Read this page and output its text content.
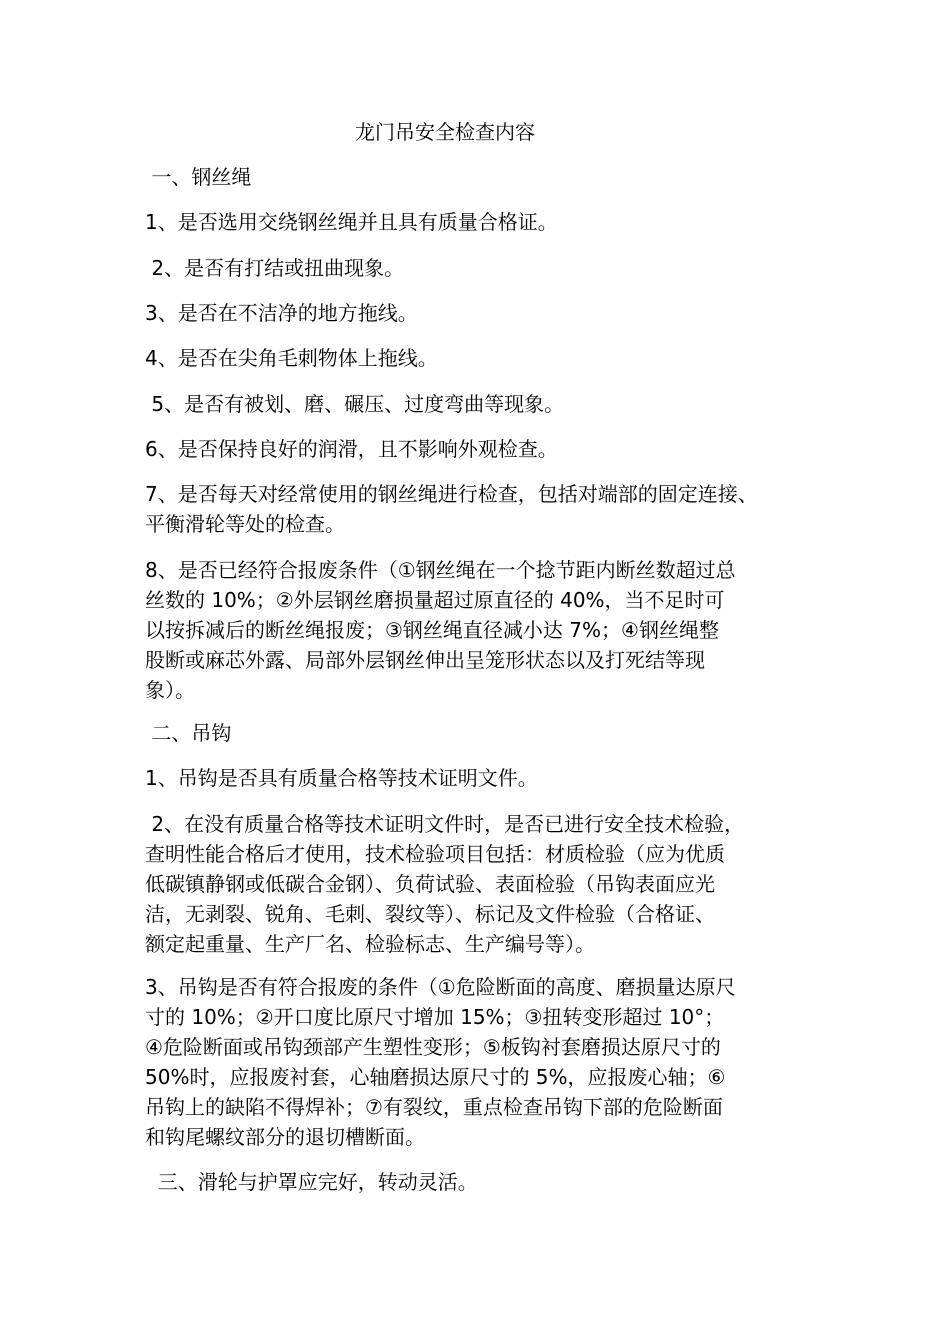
龙门吊安全检查内容

一、钢丝绳

1、是否选用交绕钢丝绳并且具有质量合格证。

2、是否有打结或扭曲现象。

3、是否在不洁净的地方拖线。

4、是否在尖角毛刺物体上拖线。

5、是否有被划、磨、碾压、过度弯曲等现象。

6、是否保持良好的润滑，且不影响外观检查。

7、是否每天对经常使用的钢丝绳进行检查，包括对端部的固定连接、
平衡滑轮等处的检查。

8、是否已经符合报废条件（①钢丝绳在一个捻节距内断丝数超过总
丝数的 10%；②外层钢丝磨损量超过原直径的 40%，当不足时可
以按拆减后的断丝绳报废；③钢丝绳直径减小达 7%；④钢丝绳整
股断或麻芯外露、局部外层钢丝伸出呈笼形状态以及打死结等现
象）。

二、吊钩

1、吊钩是否具有质量合格等技术证明文件。

2、在没有质量合格等技术证明文件时，是否已进行安全技术检验，
查明性能合格后才使用，技术检验项目包括：材质检验（应为优质
低碳镇静钢或低碳合金钢）、负荷试验、表面检验（吊钩表面应光
洁，无剥裂、锐角、毛刺、裂纹等）、标记及文件检验（合格证、
额定起重量、生产厂名、检验标志、生产编号等）。

3、吊钩是否有符合报废的条件（①危险断面的高度、磨损量达原尺
寸的 10%；②开口度比原尺寸增加 15%；③扭转变形超过 10°；
④危险断面或吊钩颈部产生塑性变形；⑤板钩衬套磨损达原尺寸的
50%时，应报废衬套，心轴磨损达原尺寸的 5%，应报废心轴；⑥
吊钩上的缺陷不得焊补；⑦有裂纹，重点检查吊钩下部的危险断面
和钩尾螺纹部分的退切槽断面。

三、滑轮与护罩应完好，转动灵活。
